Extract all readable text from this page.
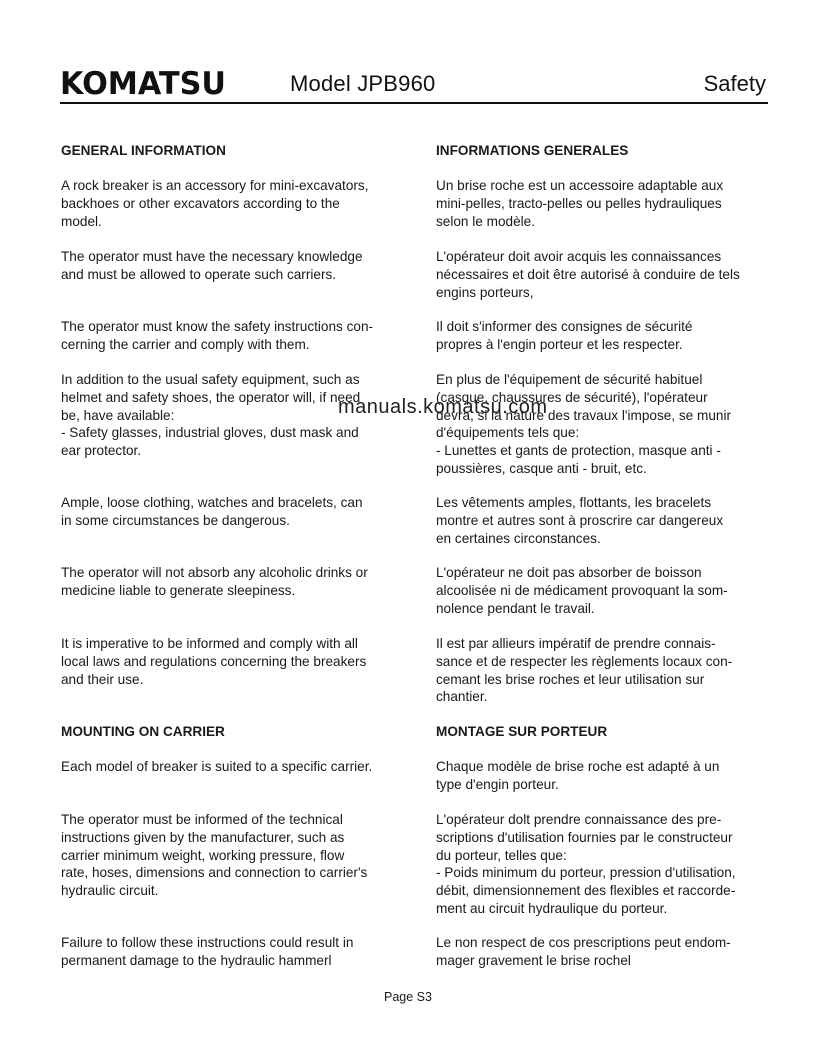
KOMATSU	Model JPB960	Safety
GENERAL INFORMATION
A rock breaker is an accessory for mini-excavators,
backhoes or other excavators according to the
model.
The operator must have the necessary knowledge
and must be allowed to operate such carriers.
The operator must know the safety instructions con-
cerning the carrier and comply with them.
In addition to the usual safety equipment, such as
helmet and safety shoes, the operator will, if need
be, have available:
- Safety glasses, industrial gloves, dust mask and
ear protector.
Ample, loose clothing, watches and bracelets, can
in some circumstances be dangerous.
The operator will not absorb any alcoholic drinks or
medicine liable to generate sleepiness.
It is imperative to be informed and comply with all
local laws and regulations concerning the breakers
and their use.
MOUNTING ON CARRIER
Each model of breaker is suited to a specific carrier.
The operator must be informed of the technical
instructions given by the manufacturer, such as
carrier minimum weight, working pressure, flow
rate, hoses, dimensions and connection to carrier's
hydraulic circuit.
Failure to follow these instructions could result in
permanent damage to the hydraulic hammerl
INFORMATIONS GENERALES
Un brise roche est un accessoire adaptable aux
mini-pelles, tracto-pelles ou pelles hydrauliques
selon le modèle.
L'opérateur doit avoir acquis les connaissances
nécessaires et doit être autorisé à conduire de tels
engins porteurs,
Il doit s'informer des consignes de sécurité
propres à l'engin porteur et les respecter.
En plus de l'équipement de sécurité habituel
(casque, chaussures de sécurité), l'opérateur
devra, si la nature des travaux l'impose, se munir
d'équipements tels que:
- Lunettes et gants de protection, masque anti -
poussières, casque anti - bruit, etc.
Les vêtements amples, flottants, les bracelets
montre et autres sont à proscrire car dangereux
en certaines circonstances.
L'opérateur ne doit pas absorber de boisson
alcoolisée ni de médicament provoquant la som-
nolence pendant le travail.
Il est par allieurs impératif de prendre connais-
sance et de respecter les règlements locaux con-
cemant les brise roches et leur utilisation sur
chantier.
MONTAGE SUR PORTEUR
Chaque modèle de brise roche est adapté à un
type d'engin porteur.
L'opérateur dolt prendre connaissance des pre-
scriptions d'utilisation fournies par le constructeur
du porteur, telles que:
- Poids minimum du porteur, pression d'utilisation,
débit, dimensionnement des flexibles et raccorde-
ment au circuit hydraulique du porteur.
Le non respect de cos prescriptions peut endom-
mager gravement le brise rochel
manuals.komatsu.com
Page S3
